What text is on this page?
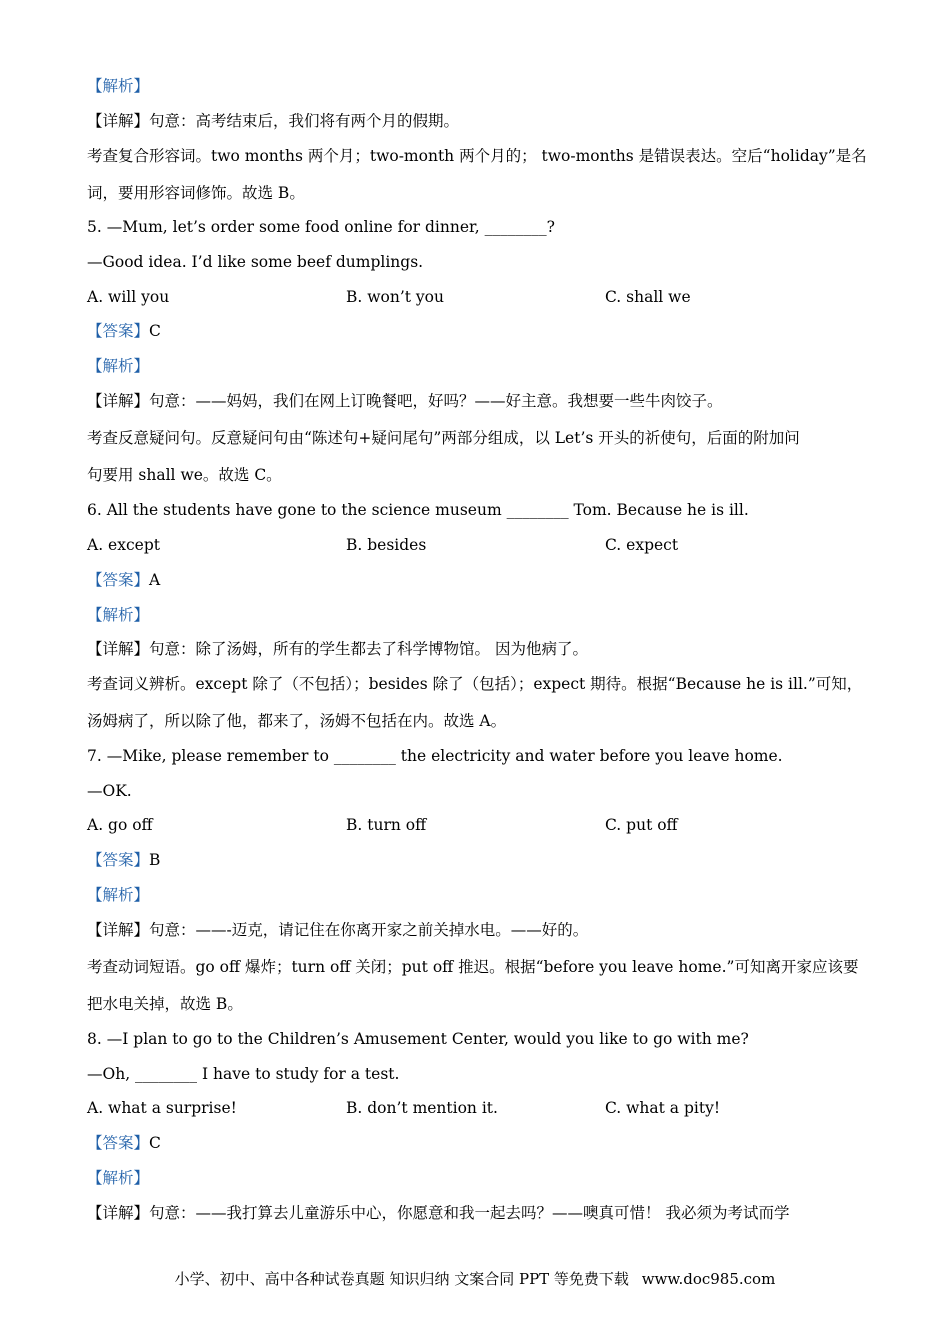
【解析】
【详解】句意：高考结束后，我们将有两个月的假期。
考查复合形容词。two months 两个月；two-month 两个月的； two-months 是错误表达。空后“holiday”是名
词，要用形容词修饰。故选 B。
5. —Mum, let’s order some food online for dinner, ________?
—Good idea. I’d like some beef dumplings.
A. will you	B. won’t you	C. shall we
【答案】C
【解析】
【详解】句意：——妈妈，我们在网上订晚餐吧，好吗？——好主意。我想要一些牛肉饺子。
考查反意疑问句。反意疑问句由“陈述句+疑问尾句”两部分组成，以 Let’s 开头的祈使句，后面的附加问
句要用 shall we。故选 C。
6. All the students have gone to the science museum ________ Tom. Because he is ill.
A. except	B. besides	C. expect
【答案】A
【解析】
【详解】句意：除了汤姆，所有的学生都去了科学博物馆。 因为他病了。
考查词义辨析。except 除了（不包括）；besides 除了（包括）；expect 期待。根据“Because he is ill.”可知，
汤姆病了，所以除了他，都来了，汤姆不包括在内。故选 A。
7. —Mike, please remember to ________ the electricity and water before you leave home.
—OK.
A. go off	B. turn off	C. put off
【答案】B
【解析】
【详解】句意：——-迈克，请记住在你离开家之前关掉水电。——好的。
考查动词短语。go off 爆炸；turn off 关闭；put off 推迟。根据“before you leave home.”可知离开家应该要
把水电关掉，故选 B。
8. —I plan to go to the Children’s Amusement Center, would you like to go with me?
—Oh, ________ I have to study for a test.
A. what a surprise!	B. don’t mention it.	C. what a pity!
【答案】C
【解析】
【详解】句意：——我打算去儿童游乐中心，你愿意和我一起去吗？——噢真可惜！ 我必须为考试而学
小学、初中、高中各种试卷真题 知识归纳 文案合同 PPT 等免费下载 www.doc985.com
